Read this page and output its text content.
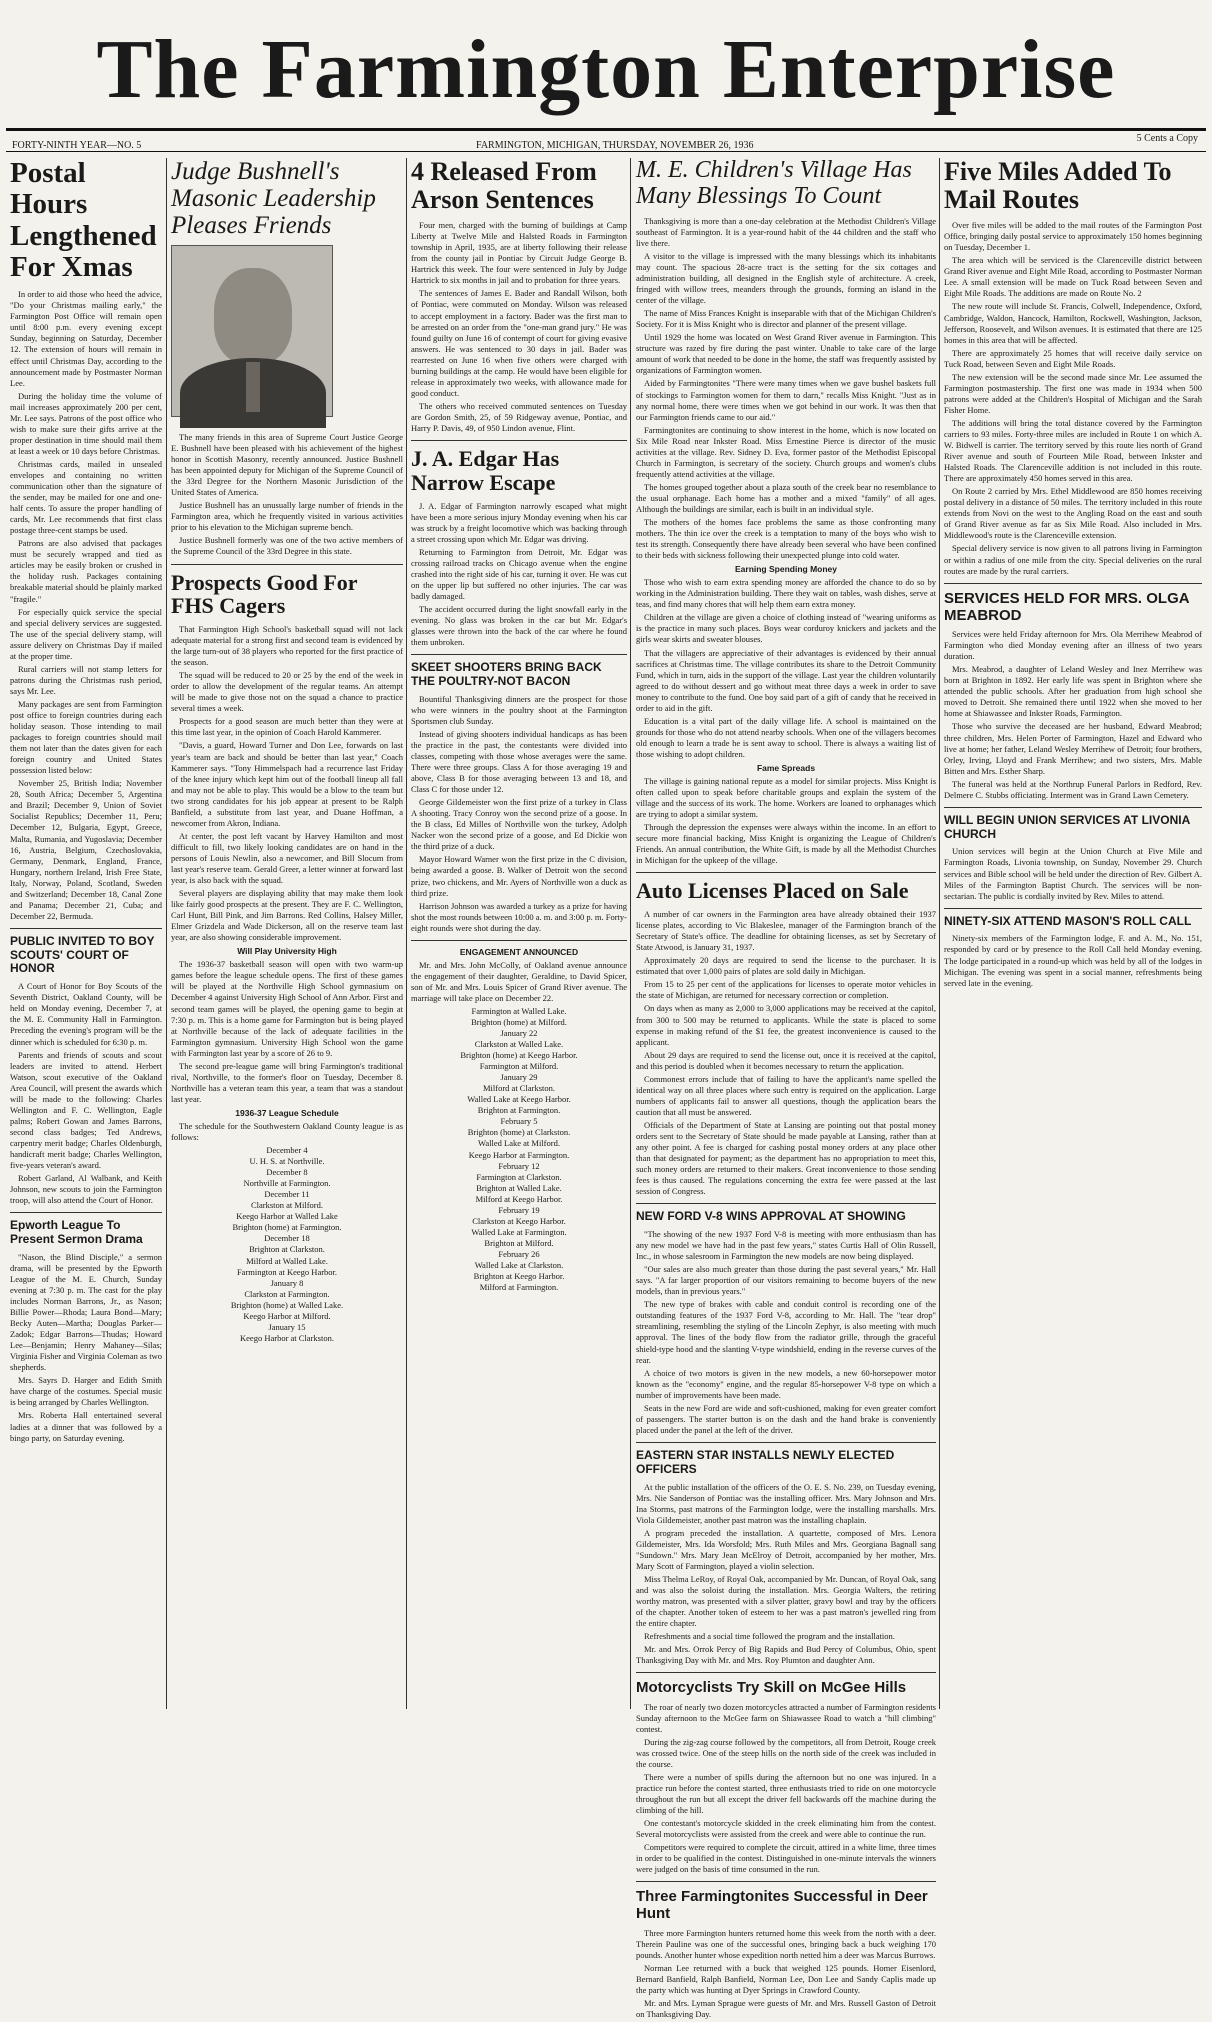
The Farmington Enterprise
FORTY-NINTH YEAR—NO. 5	FARMINGTON, MICHIGAN, THURSDAY, NOVEMBER 26, 1936
5 Cents a Copy
Postal Hours Lengthened For Xmas

In order to aid those who heed the advice, "Do your Christmas mailing early," the Farmington Post Office will remain open until 8:00 p.m. every evening except Sunday, beginning on Saturday, December 12. The extension of hours will remain in effect until Christmas Day, according to the announcement made by Postmaster Norman Lee.

During the holiday time the volume of mail increases approximately 200 per cent, Mr. Lee says. Patrons of the post office who wish to make sure their gifts arrive at the proper destination in time should mail them at least a week or 10 days before Christmas.

Christmas cards, mailed in unsealed envelopes and containing no written communication other than the signature of the sender, may be mailed for one and one-half cents. To assure the proper handling of cards, Mr. Lee recommends that first class postage three-cent stamps be used.

Patrons are also advised that packages must be securely wrapped and tied as articles may be easily broken or crushed in the holiday rush. Packages containing breakable material should be plainly marked "fragile."

For especially quick service the special and special delivery services are suggested. The use of the special delivery stamp, will assure delivery on Christmas Day if mailed at the proper time.

Rural carriers will not stamp letters for patrons during the Christmas rush period, says Mr. Lee.

Many packages are sent from Farmington post office to foreign countries during each holiday season. Those intending to mail packages to foreign countries should mail them not later than the dates given for each foreign country and United States possession listed below:

November 25, British India; November 28, South Africa; December 5, Argentina and Brazil; December 9, Union of Soviet Socialist Republics; December 11, Peru; December 12, Bulgaria, Egypt, Greece, Malta, Rumania, and Yugoslavia; December 16, Austria, Belgium, Czechoslovakia, Germany, Denmark, England, France, Hungary, northern Ireland, Irish Free State, Italy, Norway, Poland, Scotland, Sweden and Switzerland; December 18, Canal Zone and Panama; December 21, Cuba; and December 22, Bermuda.

PUBLIC INVITED TO BOY SCOUTS' COURT OF HONOR

A Court of Honor for Boy Scouts of the Seventh District, Oakland County, will be held on Monday evening, December 7, at the M. E. Community Hall in Farmington. Preceding the evening's program will be the dinner which is scheduled for 6:30 p. m.

Parents and friends of scouts and scout leaders are invited to attend. Herbert Watson, scout executive of the Oakland Area Council, will present the awards which will be made to the following: Charles Wellington and F. C. Wellington, Eagle palms; Robert Gowan and James Barrons, second class badges; Ted Andrews, carpentry merit badge; Charles Oldenburgh, handicraft merit badge; Charles Wellington, five-years veteran's award.

Robert Garland, Al Walbank, and Keith Johnson, new scouts to join the Farmington troop, will also attend the Court of Honor.

Epworth League To Present Sermon Drama

"Nason, the Blind Disciple," a sermon drama, will be presented by the Epworth League of the M. E. Church, Sunday evening at 7:30 p. m. The cast for the play includes Norman Barrons, Jr., as Nason; Billie Power—Rhoda; Laura Bond—Mary; Becky Auten—Martha; Douglas Parker—Zadok; Edgar Barrons—Thudas; Howard Lee—Benjamin; Henry Mahaney—Silas; Virginia Fisher and Virginia Coleman as two shepherds.

Mrs. Sayrs D. Harger and Edith Smith have charge of the costumes. Special music is being arranged by Charles Wellington.

Mrs. Roberta Hall entertained several ladies at a dinner that was followed by a bingo party, on Saturday evening.

Judge Bushnell's Masonic Leadership Pleases Friends

The many friends in this area of Supreme Court Justice George E. Bushnell have been pleased with his achievement of the highest honor in Scottish Masonry, recently announced. Justice Bushnell has been appointed deputy for Michigan of the Supreme Council of the 33rd Degree for the Northern Masonic Jurisdiction of the United States of America.

Justice Bushnell has an unusually large number of friends in the Farmington area, which he frequently visited in various activities prior to his elevation to the Michigan supreme bench.

Justice Bushnell formerly was one of the two active members of the Supreme Council of the 33rd Degree in this state.

Prospects Good For FHS Cagers

That Farmington High School's basketball squad will not lack adequate material for a strong first and second team is evidenced by the large turn-out of 38 players who reported for the first practice of the season.

The squad will be reduced to 20 or 25 by the end of the week in order to allow the development of the regular teams. An attempt will be made to give those not on the squad a chance to practice several times a week.

Prospects for a good season are much better than they were at this time last year, in the opinion of Coach Harold Kammerer.

"Davis, a guard, Howard Turner and Don Lee, forwards on last year's team are back and should be better than last year," Coach Kammerer says. "Tony Himmelspach had a recurrence last Friday of the knee injury which kept him out of the football lineup all fall and may not be able to play. This would be a blow to the team but two strong candidates for his job appear at present to be Ralph Banfield, a substitute from last year, and Duane Hoffman, a newcomer from Akron, Indiana.

At center, the post left vacant by Harvey Hamilton and most difficult to fill, two likely looking candidates are on hand in the persons of Louis Newlin, also a newcomer, and Bill Slocum from last year's reserve team. Gerald Greer, a letter winner at forward last year, is also back with the squad.

Several players are displaying ability that may make them look like fairly good prospects at the present. They are F. C. Wellington, Carl Hunt, Bill Pink, and Jim Barrons. Red Collins, Halsey Miller, Elmer Grizdela and Wade Dickerson, all on the reserve team last year, are also showing considerable improvement.

Will Play University High

The 1936-37 basketball season will open with two warm-up games before the league schedule opens. The first of these games will be played at the Northville High School gymnasium on December 4 against University High School of Ann Arbor. First and second team games will be played, the opening game to begin at 7:30 p. m. This is a home game for Farmington but is being played at Northville because of the lack of adequate facilities in the Farmington gymnasium. University High School won the game with Farmington last year by a score of 26 to 9.

The second pre-league game will bring Farmington's traditional rival, Northville, to the former's floor on Tuesday, December 8. Northville has a veteran team this year, a team that was a standout last year.

1936-37 League Schedule

The schedule for the Southwestern Oakland County league is as follows:

December 4
U. H. S. at Northville.
December 8
Northville at Farmington.
December 11
Clarkston at Milford.
Keego Harbor at Walled Lake
Brighton (home) at Farmington.
December 18
Brighton at Clarkston.
Milford at Walled Lake.
Farmington at Keego Harbor.
January 8
Clarkston at Farmington.
Brighton (home) at Walled Lake.
Keego Harbor at Milford.
January 15
Keego Harbor at Clarkston.
4 Released From Arson Sentences

Four men, charged with the burning of buildings at Camp Liberty at Twelve Mile and Halsted Roads in Farmington township in April, 1935, are at liberty following their release from the county jail in Pontiac by Circuit Judge George B. Hartrick this week. The four were sentenced in July by Judge Hartrick to six months in jail and to probation for three years.

The sentences of James E. Bader and Randall Wilson, both of Pontiac, were commuted on Monday. Wilson was released to accept employment in a factory. Bader was the first man to be arrested on an order from the "one-man grand jury." He was found guilty on June 16 of contempt of court for giving evasive answers. He was sentenced to 30 days in jail. Bader was rearrested on June 16 when five others were charged with burning buildings at the camp. He would have been eligible for release in approximately two weeks, with allowance made for good conduct.

The others who received commuted sentences on Tuesday are Gordon Smith, 25, of 59 Ridgeway avenue, Pontiac, and Harry P. Davis, 49, of 950 Lindon avenue, Flint.

J. A. Edgar Has Narrow Escape

J. A. Edgar of Farmington narrowly escaped what might have been a more serious injury Monday evening when his car was struck by a freight locomotive which was backing through a street crossing upon which Mr. Edgar was driving.

Returning to Farmington from Detroit, Mr. Edgar was crossing railroad tracks on Chicago avenue when the engine crashed into the right side of his car, turning it over. He was cut on the upper lip but suffered no other injuries. The car was badly damaged.

The accident occurred during the light snowfall early in the evening. No glass was broken in the car but Mr. Edgar's glasses were thrown into the back of the car where he found them unbroken.

SKEET SHOOTERS BRING BACK THE POULTRY-NOT BACON

Bountiful Thanksgiving dinners are the prospect for those who were winners in the poultry shoot at the Farmington Sportsmen club Sunday.

Instead of giving shooters individual handicaps as has been the practice in the past, the contestants were divided into classes, competing with those whose averages were the same. There were three groups. Class A for those averaging 19 and above, Class B for those averaging between 13 and 18, and Class C for those under 12.

George Gildemeister won the first prize of a turkey in Class A shooting. Tracy Conroy won the second prize of a goose. In the B class, Ed Milles of Northville won the turkey, Adolph Nacker won the second prize of a goose, and Ed Dickie won the third prize of a duck.

Mayor Howard Warner won the first prize in the C division, being awarded a goose. B. Walker of Detroit won the second prize, two chickens, and Mr. Ayers of Northville won a duck as third prize.

Harrison Johnson was awarded a turkey as a prize for having shot the most rounds between 10:00 a. m. and 3:00 p. m. Forty-eight rounds were shot during the day.

ENGAGEMENT ANNOUNCED

Mr. and Mrs. John McColly, of Oakland avenue announce the engagement of their daughter, Geraldine, to David Spicer, son of Mr. and Mrs. Louis Spicer of Grand River avenue. The marriage will take place on December 22.

Farmington at Walled Lake.
Brighton (home) at Milford.
January 22
Clarkston at Walled Lake.
Brighton (home) at Keego Harbor.
Farmington at Milford.
January 29
Milford at Clarkston.
Walled Lake at Keego Harbor.
Brighton at Farmington.
February 5
Brighton (home) at Clarkston.
Walled Lake at Milford.
Keego Harbor at Farmington.
February 12
Farmington at Clarkston.
Brighton at Walled Lake.
Milford at Keego Harbor.
February 19
Clarkston at Keego Harbor.
Walled Lake at Farmington.
Brighton at Milford.
February 26
Walled Lake at Clarkston.
Brighton at Keego Harbor.
Milford at Farmington.
M. E. Children's Village Has Many Blessings To Count

Thanksgiving is more than a one-day celebration at the Methodist Children's Village southeast of Farmington. It is a year-round habit of the 44 children and the staff who live there.

A visitor to the village is impressed with the many blessings which its inhabitants may count. The spacious 28-acre tract is the setting for the six cottages and administration building, all designed in the English style of architecture. A creek, fringed with willow trees, meanders through the grounds, forming an island in the center of the village.

The name of Miss Frances Knight is inseparable with that of the Michigan Children's Society. For it is Miss Knight who is director and planner of the present village.

Until 1929 the home was located on West Grand River avenue in Farmington. This structure was razed by fire during the past winter. Unable to take care of the large amount of work that needed to be done in the home, the staff was frequently assisted by organizations of Farmington women.

Aided by Farmingtonites "There were many times when we gave bushel baskets full of stockings to Farmington women for them to darn," recalls Miss Knight. "Just as in any normal home, there were times when we got behind in our work. It was then that our Farmington friends came to our aid."

Farmingtonites are continuing to show interest in the home, which is now located on Six Mile Road near Inkster Road. Miss Ernestine Pierce is director of the music activities at the village. Rev. Sidney D. Eva, former pastor of the Methodist Episcopal Church in Farmington, is secretary of the society. Church groups and women's clubs frequently attend activities at the village.

The homes grouped together about a plaza south of the creek bear no resemblance to the usual orphanage. Each home has a mother and a mixed "family" of all ages. Although the buildings are similar, each is built in an individual style.

The mothers of the homes face problems the same as those confronting many mothers. The thin ice over the creek is a temptation to many of the boys who wish to test its strength. Consequently there have already been several who have been confined to their beds with sickness following their unexpected plunge into cold water.

Earning Spending Money

Those who wish to earn extra spending money are afforded the chance to do so by working in the Administration building. There they wait on tables, wash dishes, serve at teas, and find many chores that will help them earn extra money.

Children at the village are given a choice of clothing instead of "wearing uniforms as is the practice in many such places. Boys wear corduroy knickers and jackets and the girls wear skirts and sweater blouses.

That the villagers are appreciative of their advantages is evidenced by their annual sacrifices at Christmas time. The village contributes its share to the Detroit Community Fund, which in turn, aids in the support of the village. Last year the children voluntarily agreed to do without dessert and go without meat three days a week in order to save money to contribute to the fund. One boy said part of a gift of candy that he received in order to aid in the gift.

Education is a vital part of the daily village life. A school is maintained on the grounds for those who do not attend nearby schools. When one of the villagers becomes old enough to learn a trade he is sent away to school. There is always a waiting list of those wishing to adopt children.

Fame Spreads

The village is gaining national repute as a model for similar projects. Miss Knight is often called upon to speak before charitable groups and explain the system of the village and the success of its work. The home. Workers are loaned to orphanages which are trying to adopt a similar system.

Through the depression the expenses were always within the income. In an effort to secure more financial backing, Miss Knight is organizing the League of Children's Friends. An annual contribution, the White Gift, is made by all the Methodist Churches in Michigan for the upkeep of the village.

Auto Licenses Placed on Sale

A number of car owners in the Farmington area have already obtained their 1937 license plates, according to Vic Blakeslee, manager of the Farmington branch of the Secretary of State's office. The deadline for obtaining licenses, as set by Secretary of State Atwood, is January 31, 1937.

Approximately 20 days are required to send the license to the purchaser. It is estimated that over 1,000 pairs of plates are sold daily in Michigan.

From 15 to 25 per cent of the applications for licenses to operate motor vehicles in the state of Michigan, are returned for necessary correction or completion.

On days when as many as 2,000 to 3,000 applications may be received at the capitol, from 300 to 500 may be returned to applicants. While the state is placed to some expense in making refund of the $1 fee, the greatest inconvenience is caused to the applicant.

About 29 days are required to send the license out, once it is received at the capitol, and this period is doubled when it becomes necessary to return the application.

Commonest errors include that of failing to have the applicant's name spelled the identical way on all three places where such entry is required on the application. Large numbers of applicants fail to answer all questions, though the application bears the caution that all must be answered.

Officials of the Department of State at Lansing are pointing out that postal money orders sent to the Secretary of State should be made payable at Lansing, rather than at any other point. A fee is charged for cashing postal money orders at any place other than that designated for payment; as the department has no appropriation to meet this, such money orders are returned to their makers. Great inconvenience to those sending fees is thus caused. The regulations concerning the extra fee were passed at the last session of Congress.

NEW FORD V-8 WINS APPROVAL AT SHOWING

"The showing of the new 1937 Ford V-8 is meeting with more enthusiasm than has any new model we have had in the past few years," states Curtis Hall of Olin Russell, Inc., in whose salesroom in Farmington the new models are now being displayed.

"Our sales are also much greater than those during the past several years," Mr. Hall says. "A far larger proportion of our visitors remaining to become buyers of the new models, than in previous years."

The new type of brakes with cable and conduit control is recording one of the outstanding features of the 1937 Ford V-8, according to Mr. Hall. The "tear drop" streamlining, resembling the styling of the Lincoln Zephyr, is also meeting with much approval. The lines of the body flow from the radiator grille, through the graceful shield-type hood and the slanting V-type windshield, ending in the reverse curves of the rear.

A choice of two motors is given in the new models, a new 60-horsepower motor known as the "economy" engine, and the regular 85-horsepower V-8 type on which a number of improvements have been made.

Seats in the new Ford are wide and soft-cushioned, making for even greater comfort of passengers. The starter button is on the dash and the hand brake is conveniently placed under the panel at the left of the driver.

EASTERN STAR INSTALLS NEWLY ELECTED OFFICERS

At the public installation of the officers of the O. E. S. No. 239, on Tuesday evening, Mrs. Nie Sanderson of Pontiac was the installing officer. Mrs. Mary Johnson and Mrs. Ina Storms, past matrons of the Farmington lodge, were the installing marshalls. Mrs. Viola Gildemeister, another past matron was the installing chaplain.

A program preceded the installation. A quartette, composed of Mrs. Lenora Gildemeister, Mrs. Ida Worsfold; Mrs. Ruth Miles and Mrs. Georgiana Bagnall sang "Sundown." Mrs. Mary Jean McElroy of Detroit, accompanied by her mother, Mrs. Mary Scott of Farmington, played a violin selection.

Miss Thelma LeRoy, of Royal Oak, accompanied by Mr. Duncan, of Royal Oak, sang and was also the soloist during the installation. Mrs. Georgia Walters, the retiring worthy matron, was presented with a silver platter, gravy bowl and tray by the officers of the chapter. Another token of esteem to her was a past matron's jewelled ring from the entire chapter.

Refreshments and a social time followed the program and the installation.

Mr. and Mrs. Orrok Percy of Big Rapids and Bud Percy of Columbus, Ohio, spent Thanksgiving Day with Mr. and Mrs. Roy Plumton and daughter Ann.

Motorcyclists Try Skill on McGee Hills

The roar of nearly two dozen motorcycles attracted a number of Farmington residents Sunday afternoon to the McGee farm on Shiawassee Road to watch a "hill climbing" contest.

During the zig-zag course followed by the competitors, all from Detroit, Rouge creek was crossed twice. One of the steep hills on the north side of the creek was included in the course.

There were a number of spills during the afternoon but no one was injured. In a practice run before the contest started, three enthusiasts tried to ride on one motorcycle throughout the run but all except the driver fell backwards off the machine during the climbing of the hill.

One contestant's motorcycle skidded in the creek eliminating him from the contest. Several motorcyclists were assisted from the creek and were able to continue the run.

Competitors were required to complete the circuit, attired in a white lime, three times in order to be qualified in the contest. Distinguished in one-minute intervals the winners were judged on the basis of time consumed in the run.

Three Farmingtonites Successful in Deer Hunt

Three more Farmington hunters returned home this week from the north with a deer. Therein Pauline was one of the successful ones, bringing back a buck weighing 170 pounds. Another hunter whose expedition north netted him a deer was Marcus Burrows.

Norman Lee returned with a buck that weighed 125 pounds. Homer Eisenlord, Bernard Banfield, Ralph Banfield, Norman Lee, Don Lee and Sandy Caplis made up the party which was hunting at Dyer Springs in Crawford County.

Mr. and Mrs. Lyman Sprague were guests of Mr. and Mrs. Russell Gaston of Detroit on Thanksgiving Day.

Five Miles Added To Mail Routes

Over five miles will be added to the mail routes of the Farmington Post Office, bringing daily postal service to approximately 150 homes beginning on Tuesday, December 1.

The area which will be serviced is the Clarenceville district between Grand River avenue and Eight Mile Road, according to Postmaster Norman Lee. A small extension will be made on Tuck Road between Seven and Eight Mile Roads. The additions are made on Route No. 2

The new route will include St. Francis, Colwell, Independence, Oxford, Cambridge, Waldon, Hancock, Hamilton, Rockwell, Washington, Jackson, Jefferson, Roosevelt, and Wilson avenues. It is estimated that there are 125 homes in this area that will be affected.

There are approximately 25 homes that will receive daily service on Tuck Road, between Seven and Eight Mile Roads.

The new extension will be the second made since Mr. Lee assumed the Farmington postmastership. The first one was made in 1934 when 500 patrons were added at the Children's Hospital of Michigan and the Sarah Fisher Home.

The additions will bring the total distance covered by the Farmington carriers to 93 miles. Forty-three miles are included in Route 1 on which A. W. Bidwell is carrier. The territory served by this route lies north of Grand River avenue and south of Fourteen Mile Road, between Inkster and Halsted Roads. The Clarenceville addition is not included in this route. There are approximately 450 homes served in this area.

On Route 2 carried by Mrs. Ethel Middlewood are 850 homes receiving postal delivery in a distance of 50 miles. The territory included in this route extends from Novi on the west to the Angling Road on the east and south of Grand River avenue as far as Six Mile Road. Also included in Mrs. Middlewood's route is the Clarenceville extension.

Special delivery service is now given to all patrons living in Farmington or within a radius of one mile from the city. Special deliveries on the rural routes are made by the rural carriers.

SERVICES HELD FOR MRS. OLGA MEABROD

Services were held Friday afternoon for Mrs. Ola Merrihew Meabrod of Farmington who died Monday evening after an illness of two years duration.

Mrs. Meabrod, a daughter of Leland Wesley and Inez Merrihew was born at Brighton in 1892. Her early life was spent in Brighton where she attended the public schools. After her graduation from high school she moved to Detroit. She remained there until 1922 when she moved to her home at Shiawassee and Inkster Roads, Farmington.

Those who survive the deceased are her husband, Edward Meabrod; three children, Mrs. Helen Porter of Farmington, Hazel and Edward who live at home; her father, Leland Wesley Merrihew of Detroit; four brothers, Orley, Irving, Lloyd and Frank Merrihew; and two sisters, Mrs. Mable Bitten and Mrs. Esther Sharp.

The funeral was held at the Northrup Funeral Parlors in Redford, Rev. Delmere C. Stubbs officiating. Interment was in Grand Lawn Cemetery.

WILL BEGIN UNION SERVICES AT LIVONIA CHURCH

Union services will begin at the Union Church at Five Mile and Farmington Roads, Livonia township, on Sunday, November 29. Church services and Bible school will be held under the direction of Rev. Gilbert A. Miles of the Farmington Baptist Church. The services will be non-sectarian. The public is cordially invited by Rev. Miles to attend.

NINETY-SIX ATTEND MASON'S ROLL CALL

Ninety-six members of the Farmington lodge, F. and A. M., No. 151, responded by card or by presence to the Roll Call held Monday evening. The lodge participated in a round-up which was held by all of the lodges in Michigan. The evening was spent in a social manner, refreshments being served late in the evening.
